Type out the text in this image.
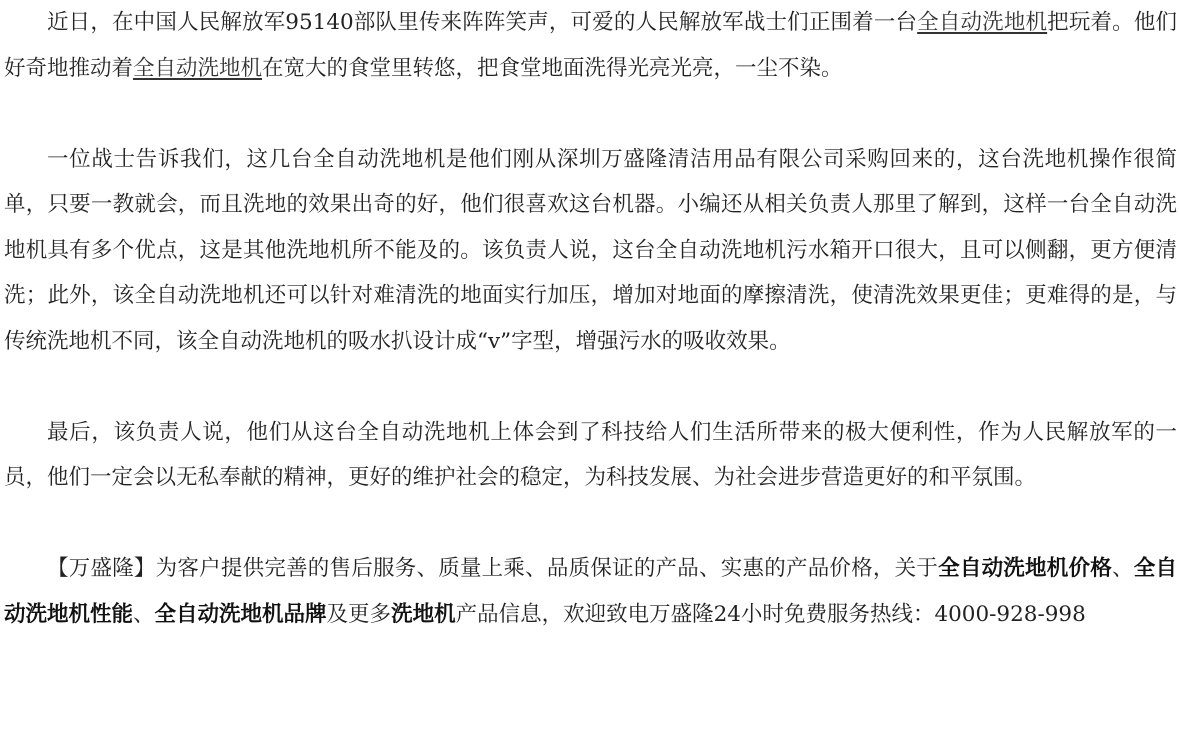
近日，在中国人民解放军95140部队里传来阵阵笑声，可爱的人民解放军战士们正围着一台全自动洗地机把玩着。他们好奇地推动着全自动洗地机在宽大的食堂里转悠，把食堂地面洗得光亮光亮，一尘不染。

一位战士告诉我们，这几台全自动洗地机是他们刚从深圳万盛隆清洁用品有限公司采购回来的，这台洗地机操作很简单，只要一教就会，而且洗地的效果出奇的好，他们很喜欢这台机器。小编还从相关负责人那里了解到，这样一台全自动洗地机具有多个优点，这是其他洗地机所不能及的。该负责人说，这台全自动洗地机污水箱开口很大，且可以侧翻，更方便清洗；此外，该全自动洗地机还可以针对难清洗的地面实行加压，增加对地面的摩擦清洗，使清洗效果更佳；更难得的是，与传统洗地机不同，该全自动洗地机的吸水扒设计成“v”字型，增强污水的吸收效果。

最后，该负责人说，他们从这台全自动洗地机上体会到了科技给人们生活所带来的极大便利性，作为人民解放军的一员，他们一定会以无私奉献的精神，更好的维护社会的稳定，为科技发展、为社会进步营造更好的和平氛围。

【万盛隆】为客户提供完善的售后服务、质量上乘、品质保证的产品、实惠的产品价格，关于全自动洗地机价格、全自动洗地机性能、全自动洗地机品牌及更多洗地机产品信息，欢迎致电万盛隆24小时免费服务热线：4000-928-998
